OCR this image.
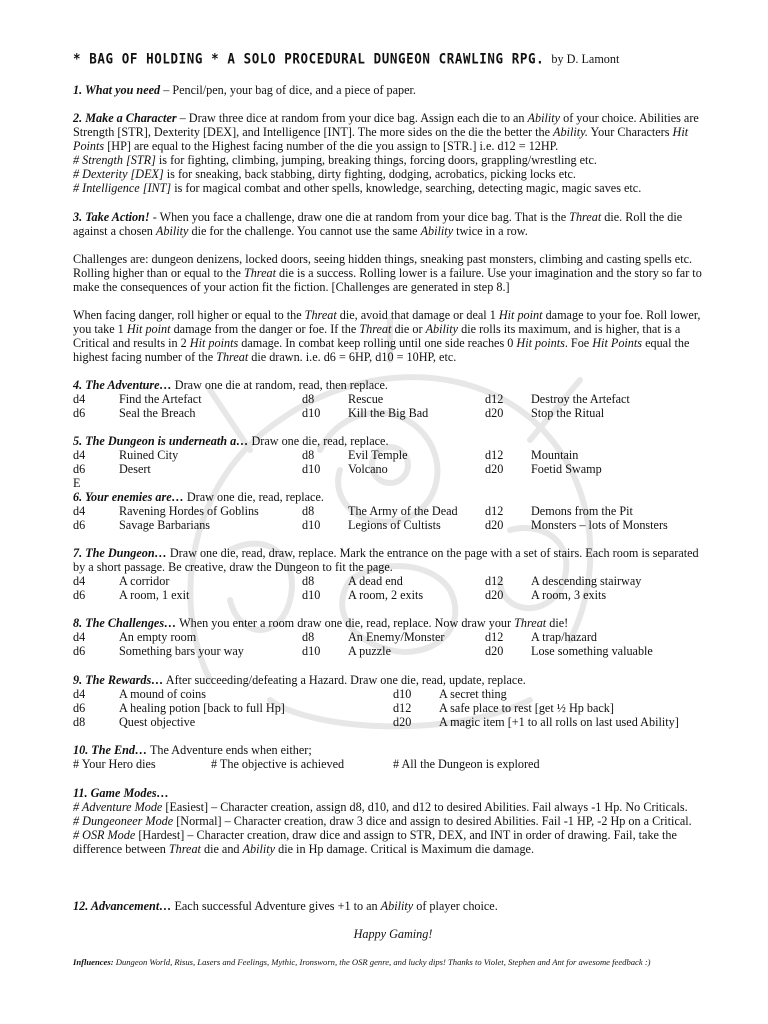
* BAG OF HOLDING * A SOLO PROCEDURAL DUNGEON CRAWLING RPG. by D. Lamont

1. What you need – Pencil/pen, your bag of dice, and a piece of paper.

2. Make a Character – Draw three dice at random from your dice bag. Assign each die to an Ability of your choice. Abilities are Strength [STR], Dexterity [DEX], and Intelligence [INT]. The more sides on the die the better the Ability. Your Characters Hit Points [HP] are equal to the Highest facing number of the die you assign to [STR.] i.e. d12 = 12HP.

# Strength [STR] is for fighting, climbing, jumping, breaking things, forcing doors, grappling/wrestling etc.

# Dexterity [DEX] is for sneaking, back stabbing, dirty fighting, dodging, acrobatics, picking locks etc.

# Intelligence [INT] is for magical combat and other spells, knowledge, searching, detecting magic, magic saves etc.

3. Take Action! - When you face a challenge, draw one die at random from your dice bag. That is the Threat die. Roll the die against a chosen Ability die for the challenge. You cannot use the same Ability twice in a row.

Challenges are: dungeon denizens, locked doors, seeing hidden things, sneaking past monsters, climbing and casting spells etc. Rolling higher than or equal to the Threat die is a success. Rolling lower is a failure. Use your imagination and the story so far to make the consequences of your action fit the fiction. [Challenges are generated in step 8.]

When facing danger, roll higher or equal to the Threat die, avoid that damage or deal 1 Hit point damage to your foe. Roll lower, you take 1 Hit point damage from the danger or foe. If the Threat die or Ability die rolls its maximum, and is higher, that is a Critical and results in 2 Hit points damage. In combat keep rolling until one side reaches 0 Hit points. Foe Hit Points equal the highest facing number of the Threat die drawn. i.e. d6 = 6HP, d10 = 10HP, etc.

4. The Adventure… Draw one die at random, read, then replace.

d4	Find the Artefact	d8	Rescue	d12 Destroy the Artefact
d6	Seal the Breach	d10 Kill the Big Bad	d20 Stop the Ritual

5. The Dungeon is underneath a… Draw one die, read, replace.

d4	Ruined City	d8	Evil Temple	d12 Mountain
d6	Desert	d10 Volcano	d20 Foetid Swamp

E

6. Your enemies are… Draw one die, read, replace.

d4	Ravening Hordes of Goblins	d8	The Army of the Dead d12 Demons from the Pit
d6	Savage Barbarians	d10 Legions of Cultists	d20 Monsters – lots of Monsters

7. The Dungeon… Draw one die, read, draw, replace. Mark the entrance on the page with a set of stairs. Each room is separated by a short passage. Be creative, draw the Dungeon to fit the page.

d4	A corridor	d8	A dead end	d12 A descending stairway
d6	A room, 1 exit	d10 A room, 2 exits	d20 A room, 3 exits

8. The Challenges… When you enter a room draw one die, read, replace. Now draw your Threat die!

d4	An empty room	d8	An Enemy/Monster	d12 A trap/hazard
d6	Something bars your way	d10 A puzzle	d20 Lose something valuable

9. The Rewards… After succeeding/defeating a Hazard. Draw one die, read, update, replace.

d4	A mound of coins	d10 A secret thing
d6	A healing potion [back to full Hp]	d12 A safe place to rest [get ½ Hp back]
d8	Quest objective	d20 A magic item [+1 to all rolls on last used Ability]

10. The End… The Adventure ends when either;

# Your Hero dies	# The objective is achieved	# All the Dungeon is explored

11. Game Modes…

# Adventure Mode [Easiest] – Character creation, assign d8, d10, and d12 to desired Abilities. Fail always -1 Hp. No Criticals.

# Dungeoneer Mode [Normal] – Character creation, draw 3 dice and assign to desired Abilities. Fail -1 HP, -2 Hp on a Critical.

# OSR Mode [Hardest] – Character creation, draw dice and assign to STR, DEX, and INT in order of drawing. Fail, take the difference between Threat die and Ability die in Hp damage. Critical is Maximum die damage.

12. Advancement… Each successful Adventure gives +1 to an Ability of player choice.

Happy Gaming!
Influences: Dungeon World, Risus, Lasers and Feelings, Mythic, Ironsworn, the OSR genre, and lucky dips! Thanks to Violet, Stephen and Ant for awesome feedback :)
